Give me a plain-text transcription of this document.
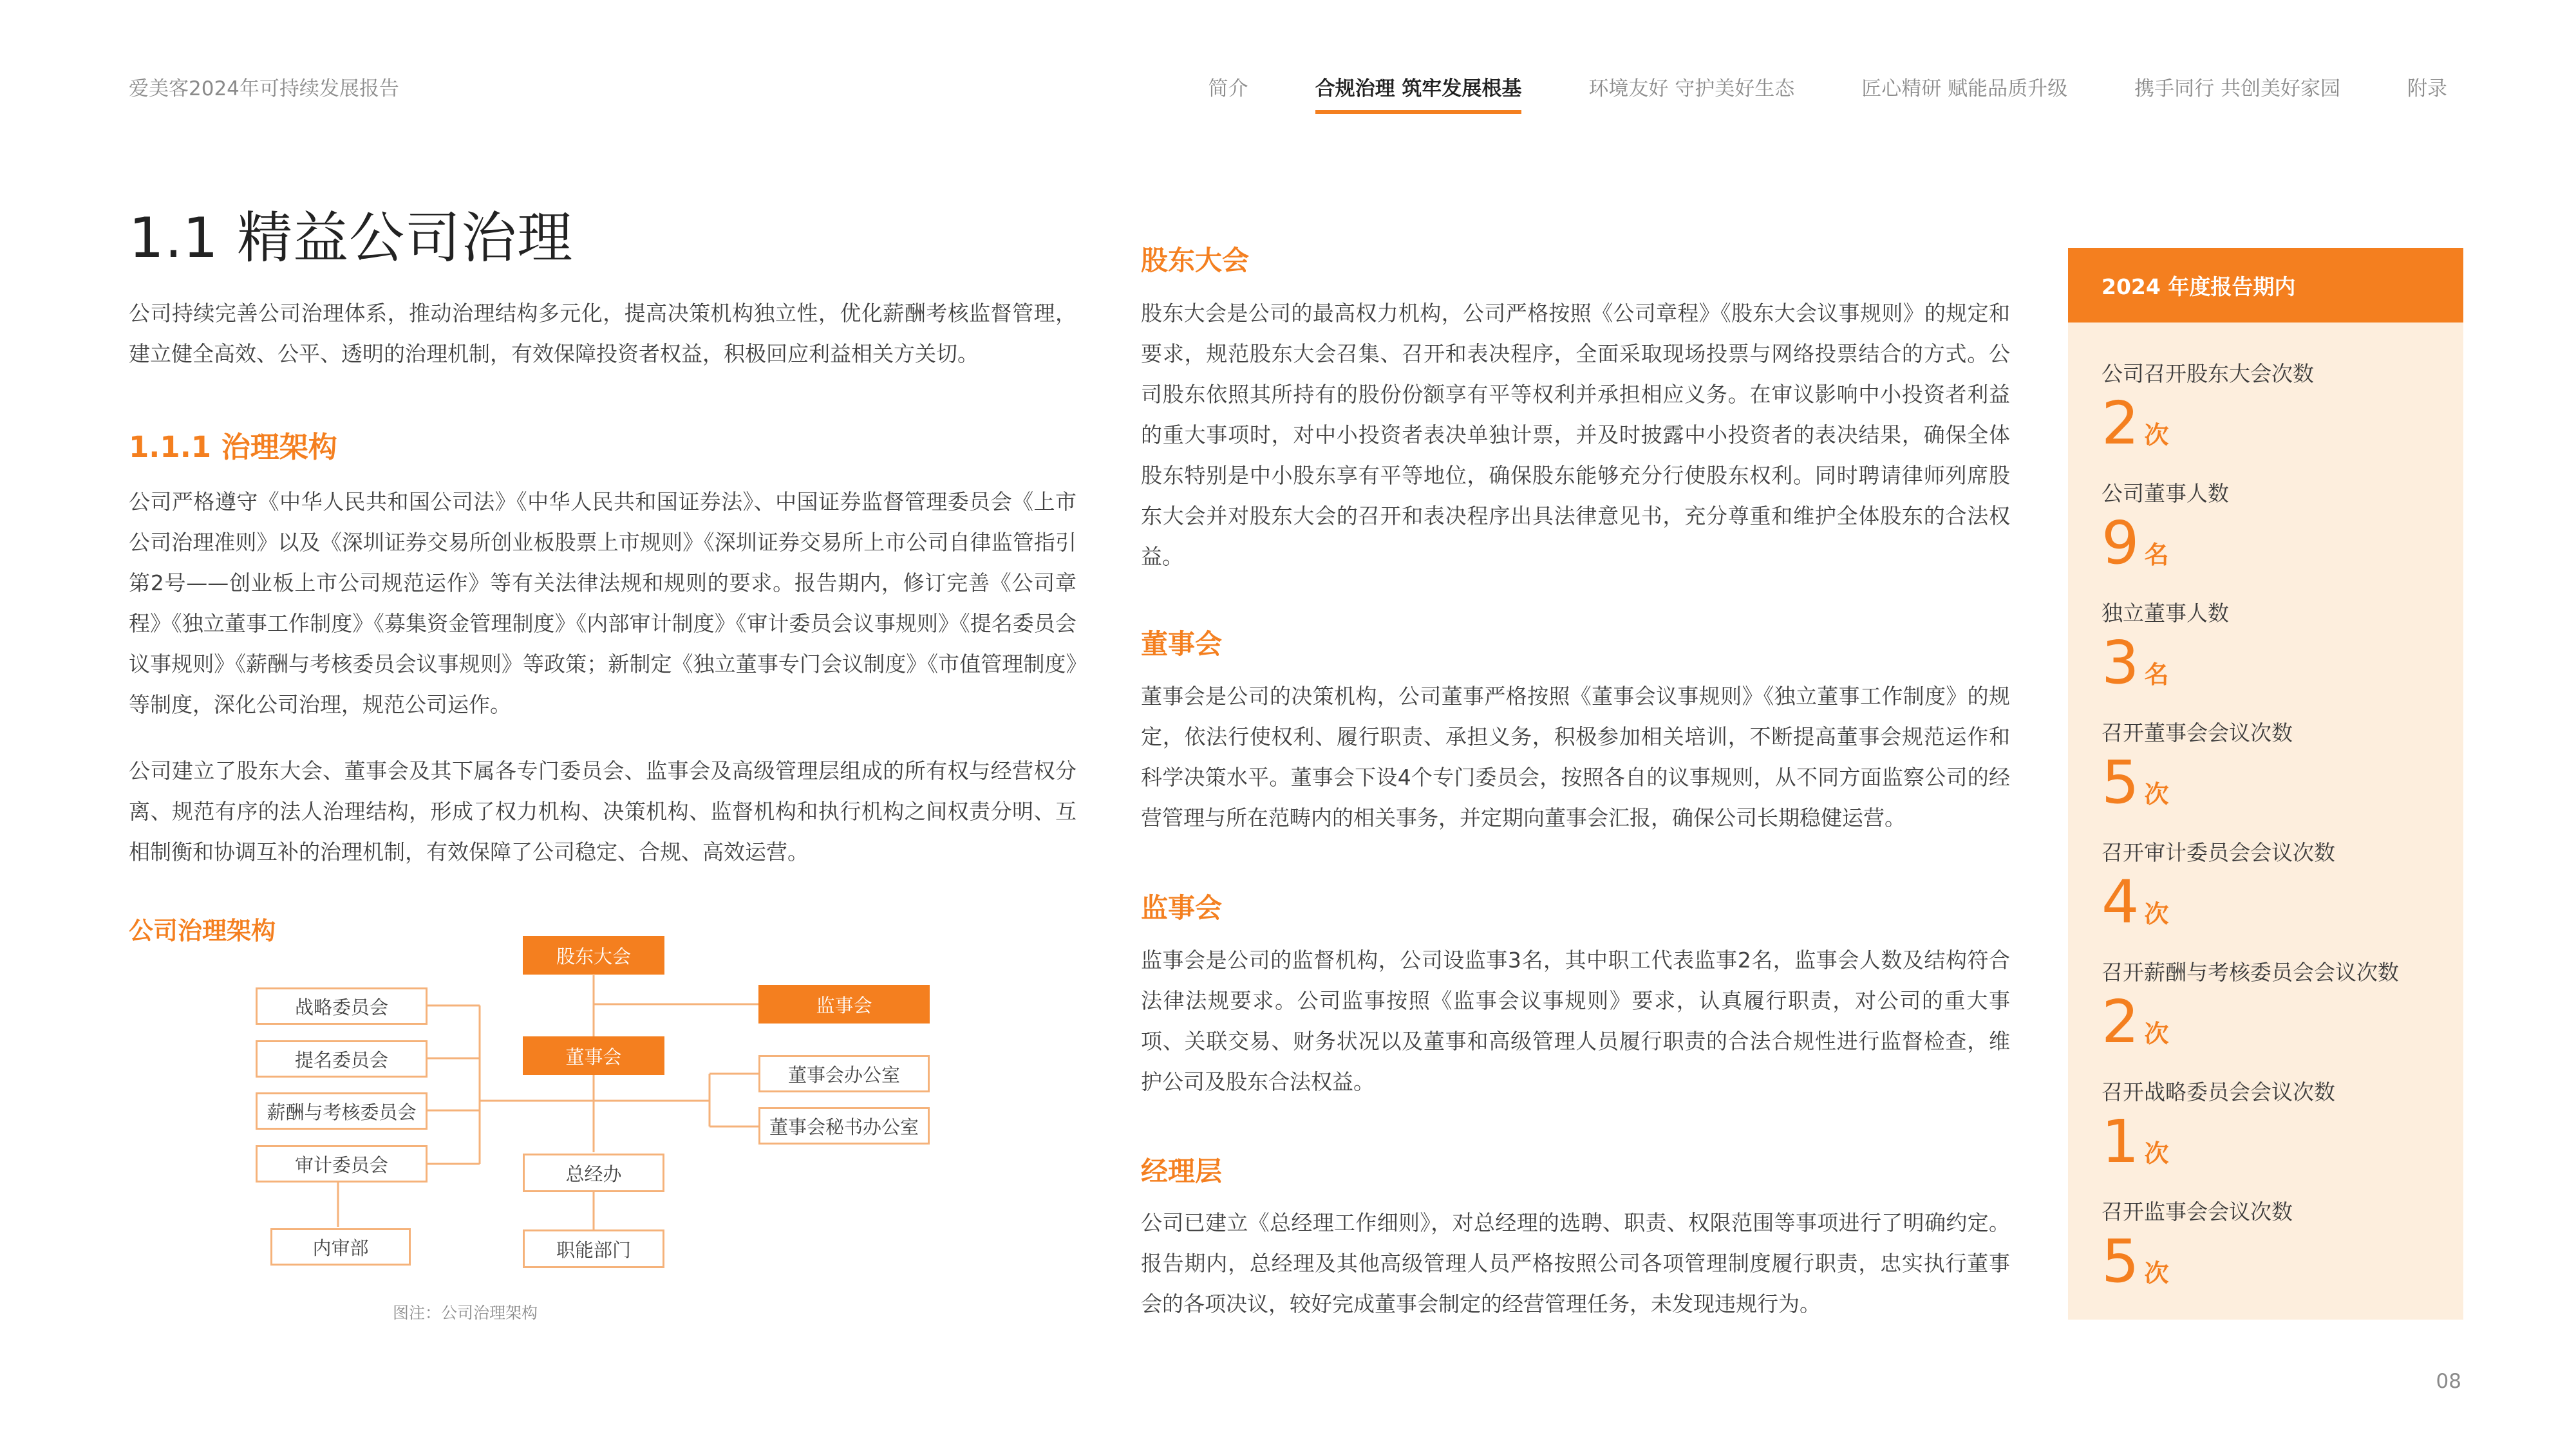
爱美客2024年可持续发展报告	简介	合规治理 筑牢发展根基	环境友好 守护美好生态	匠心精研 赋能品质升级	携手同行 共创美好家园	附录
1.1 精益公司治理

公司持续完善公司治理体系，推动治理结构多元化，提高决策机构独立性，优化薪酬考核监督管理，建立健全高效、公平、透明的治理机制，有效保障投资者权益，积极回应利益相关方关切。

1.1.1 治理架构

公司严格遵守《中华人民共和国公司法》《中华人民共和国证券法》、中国证券监督管理委员会《上市公司治理准则》以及《深圳证券交易所创业板股票上市规则》《深圳证券交易所上市公司自律监管指引第2号——创业板上市公司规范运作》等有关法律法规和规则的要求。报告期内，修订完善《公司章程》《独立董事工作制度》《募集资金管理制度》《内部审计制度》《审计委员会议事规则》《提名委员会议事规则》《薪酬与考核委员会议事规则》等政策；新制定《独立董事专门会议制度》《市值管理制度》等制度，深化公司治理，规范公司运作。

公司建立了股东大会、董事会及其下属各专门委员会、监事会及高级管理层组成的所有权与经营权分离、规范有序的法人治理结构，形成了权力机构、决策机构、监督机构和执行机构之间权责分明、互相制衡和协调互补的治理机制，有效保障了公司稳定、合规、高效运营。

公司治理架构
股东大会
监事会
董事会
战略委员会
提名委员会
薪酬与考核委员会
审计委员会
内审部
董事会办公室
董事会秘书办公室
总经办
职能部门
图注：公司治理架构
股东大会

股东大会是公司的最高权力机构，公司严格按照《公司章程》《股东大会议事规则》的规定和要求，规范股东大会召集、召开和表决程序，全面采取现场投票与网络投票结合的方式。公司股东依照其所持有的股份份额享有平等权利并承担相应义务。在审议影响中小投资者利益的重大事项时，对中小投资者表决单独计票，并及时披露中小投资者的表决结果，确保全体股东特别是中小股东享有平等地位，确保股东能够充分行使股东权利。同时聘请律师列席股东大会并对股东大会的召开和表决程序出具法律意见书，充分尊重和维护全体股东的合法权益。

董事会

董事会是公司的决策机构，公司董事严格按照《董事会议事规则》《独立董事工作制度》的规定，依法行使权利、履行职责、承担义务，积极参加相关培训，不断提高董事会规范运作和科学决策水平。董事会下设4个专门委员会，按照各自的议事规则，从不同方面监察公司的经营管理与所在范畴内的相关事务，并定期向董事会汇报，确保公司长期稳健运营。

监事会

监事会是公司的监督机构，公司设监事3名，其中职工代表监事2名，监事会人数及结构符合法律法规要求。公司监事按照《监事会议事规则》要求，认真履行职责，对公司的重大事项、关联交易、财务状况以及董事和高级管理人员履行职责的合法合规性进行监督检查，维护公司及股东合法权益。

经理层

公司已建立《总经理工作细则》，对总经理的选聘、职责、权限范围等事项进行了明确约定。报告期内，总经理及其他高级管理人员严格按照公司各项管理制度履行职责，忠实执行董事会的各项决议，较好完成董事会制定的经营管理任务，未发现违规行为。

2024 年度报告期内
公司召开股东大会次数
2 次
公司董事人数
9 名
独立董事人数
3 名
召开董事会会议次数
5 次
召开审计委员会会议次数
4 次
召开薪酬与考核委员会会议次数
2 次
召开战略委员会会议次数
1 次
召开监事会会议次数
5 次
08
